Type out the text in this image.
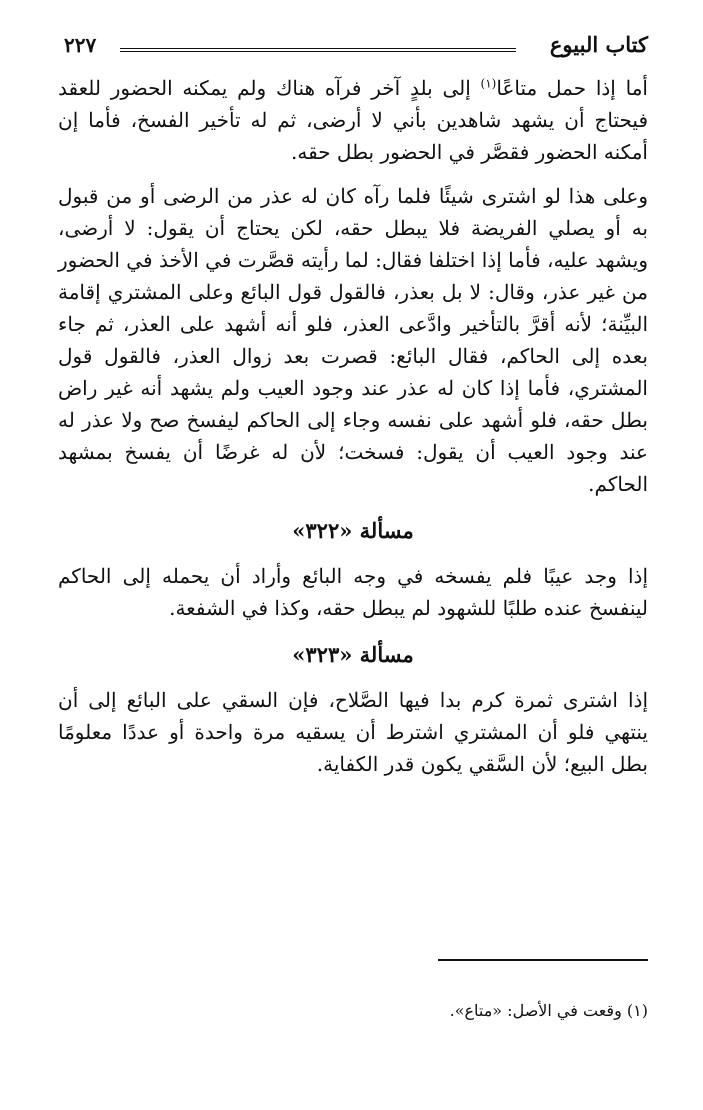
كتاب البيوع
٢٢٧

أما إذا حمل متاعًا$^{(١)}$ إلى بلدٍ آخر فرآه هناك ولم يمكنه الحضور للعقد فيحتاج أن يشهد شاهدين بأني لا أرضى، ثم له تأخير الفسخ، فأما إن أمكنه الحضور فقصَّر في الحضور بطل حقه.

وعلى هذا لو اشترى شيئًا فلما رآه كان له عذر من الرضى أو من قبول به أو يصلي الفريضة فلا يبطل حقه، لكن يحتاج أن يقول: لا أرضى، ويشهد عليه، فأما إذا اختلفا فقال: لما رأيته قصَّرت في الأخذ في الحضور من غير عذر، وقال: لا بل بعذر، فالقول قول البائع وعلى المشتري إقامة البيِّنة؛ لأنه أقرَّ بالتأخير وادَّعى العذر، فلو أنه أشهد على العذر، ثم جاء بعده إلى الحاكم، فقال البائع: قصرت بعد زوال العذر، فالقول قول المشتري، فأما إذا كان له عذر عند وجود العيب ولم يشهد أنه غير راض بطل حقه، فلو أشهد على نفسه وجاء إلى الحاكم ليفسخ صح ولا عذر له عند وجود العيب أن يقول: فسخت؛ لأن له غرضًا أن يفسخ بمشهد الحاكم.

مسألة «٣٢٢»

إذا وجد عيبًا فلم يفسخه في وجه البائع وأراد أن يحمله إلى الحاكم لينفسخ عنده طلبًا للشهود لم يبطل حقه، وكذا في الشفعة.

مسألة «٣٢٣»

إذا اشترى ثمرة كرم بدا فيها الصَّلاح، فإن السقي على البائع إلى أن ينتهي فلو أن المشتري اشترط أن يسقيه مرة واحدة أو عددًا معلومًا بطل البيع؛ لأن السَّقي يكون قدر الكفاية.

(١) وقعت في الأصل: «متاع».
